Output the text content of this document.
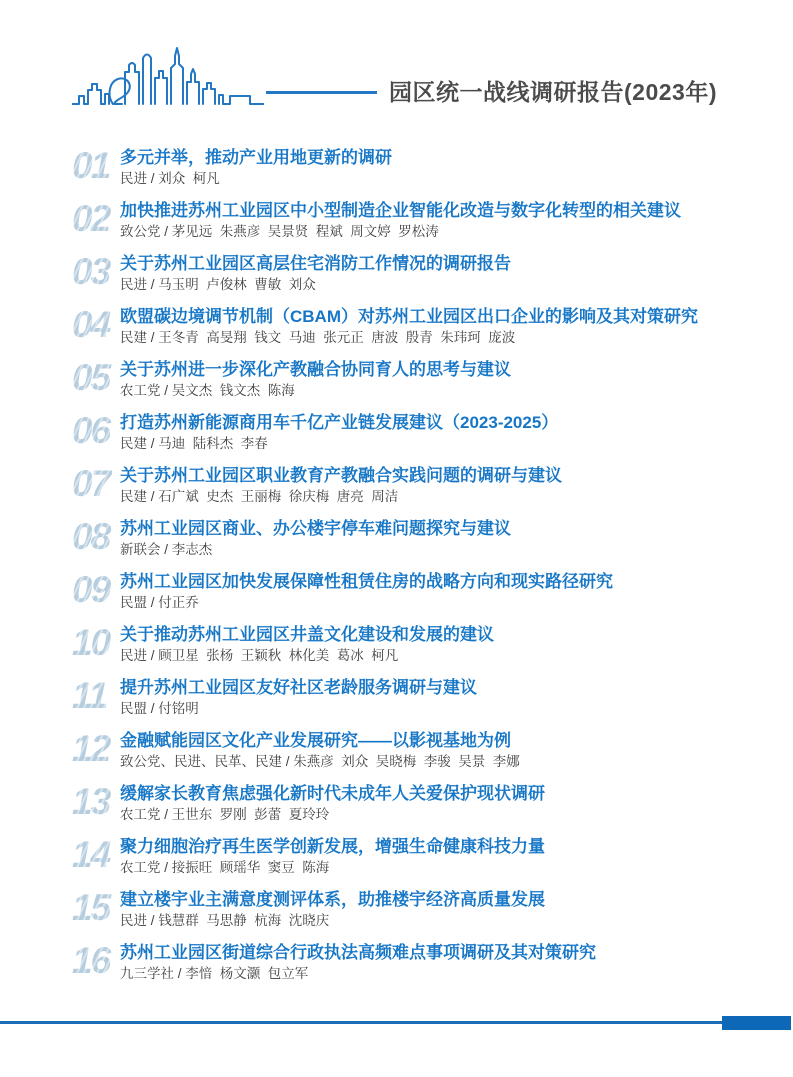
园区统一战线调研报告(2023年)
01 多元并举，推动产业用地更新的调研
民进 / 刘众  柯凡
02 加快推进苏州工业园区中小型制造企业智能化改造与数字化转型的相关建议
致公党 / 茅见远  朱燕彦  吴景贤  程斌  周文婷  罗松涛
03 关于苏州工业园区高层住宅消防工作情况的调研报告
民进 / 马玉明  卢俊林  曹敏  刘众
04 欧盟碳边境调节机制（CBAM）对苏州工业园区出口企业的影响及其对策研究
民建 / 王冬青  高旻翔  钱文  马迪  张元正  唐波  殷青  朱玮珂  庞波
05 关于苏州进一步深化产教融合协同育人的思考与建议
农工党 / 吴文杰  钱文杰  陈海
06 打造苏州新能源商用车千亿产业链发展建议（2023-2025）
民建 / 马迪  陆科杰  李春
07 关于苏州工业园区职业教育产教融合实践问题的调研与建议
民建 / 石广斌  史杰  王丽梅  徐庆梅  唐亮  周洁
08 苏州工业园区商业、办公楼宇停车难问题探究与建议
新联会 / 李志杰
09 苏州工业园区加快发展保障性租赁住房的战略方向和现实路径研究
民盟 / 付正乔
10 关于推动苏州工业园区井盖文化建设和发展的建议
民进 / 顾卫星  张杨  王颖秋  林化美  葛冰  柯凡
11 提升苏州工业园区友好社区老龄服务调研与建议
民盟 / 付铭明
12 金融赋能园区文化产业发展研究——以影视基地为例
致公党、民进、民革、民建 / 朱燕彦  刘众  吴晓梅  李骏  吴景  李娜
13 缓解家长教育焦虑强化新时代未成年人关爱保护现状调研
农工党 / 王世东  罗刚  彭蕾  夏玲玲
14 聚力细胞治疗再生医学创新发展，增强生命健康科技力量
农工党 / 接振旺  顾瑶华  窦豆  陈海
15 建立楼宇业主满意度测评体系，助推楼宇经济高质量发展
民进 / 钱慧群  马思静  杭海  沈晓庆
16 苏州工业园区街道综合行政执法高频难点事项调研及其对策研究
九三学社 / 李愔  杨文灏  包立军
